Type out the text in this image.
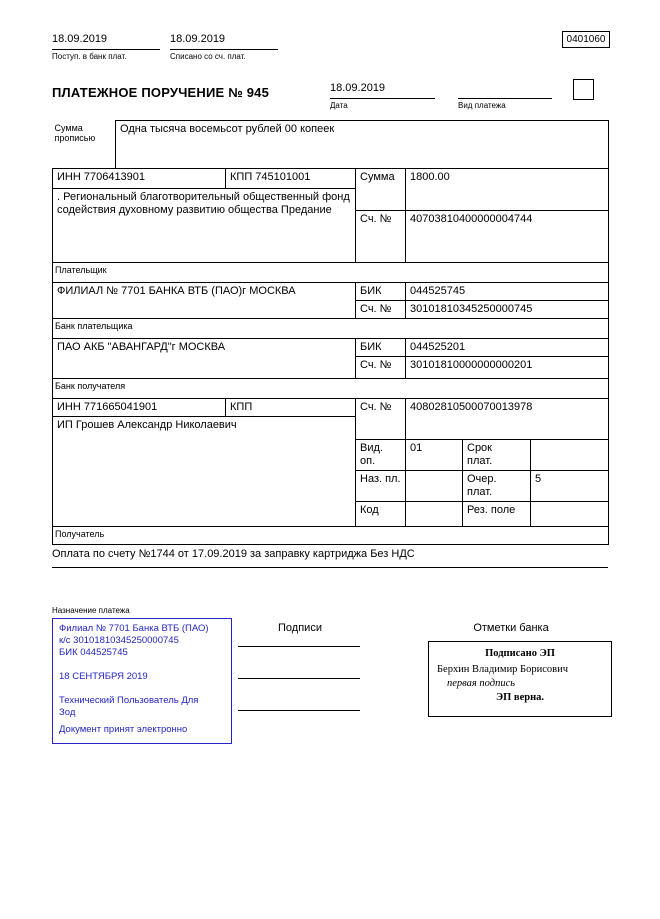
18.09.2019
Поступ. в банк плат.
18.09.2019
Списано со сч. плат.
0401060
ПЛАТЕЖНОЕ ПОРУЧЕНИЕ № 945	18.09.2019
Дата	Вид платежа
Сумма прописью	Одна тысяча восемьсот рублей 00 копеек					
ИНН 7706413901		КПП 745101001	Сумма	1800.00		
. Региональный благотворительный общественный фонд содействия духовному развитию общества Предание						
			Сч. №	40703810400000004744		
Плательщик						
ФИЛИАЛ № 7701 БАНКА ВТБ (ПАО)г МОСКВА			БИК	044525745		
			Сч. №	30101810345250000745		
Банк плательщика						
ПАО АКБ "АВАНГАРД"г МОСКВА			БИК	044525201		
			Сч. №	30101810000000000201		
Банк получателя						
ИНН 771665041901		КПП	Сч. №	40802810500070013978		
ИП Грошев Александр Николаевич						
			Вид. оп.	01	Срок плат.	

			Наз. пл.		Очер. плат.	5
			Код		Рез. поле	
Получатель						
Оплата по счету №1744 от 17.09.2019 за заправку картриджа Без НДС
Назначение платежа
Филиал № 7701 Банка ВТБ (ПАО)
к/с 30101810345250000745
БИК 044525745
18 СЕНТЯБРЯ 2019
Технический Пользователь Для Зод
Документ принят электронно
Подписи	Отметки банка
Подписано ЭП
Берхин Владимир Борисович
первая подпись
ЭП верна.
